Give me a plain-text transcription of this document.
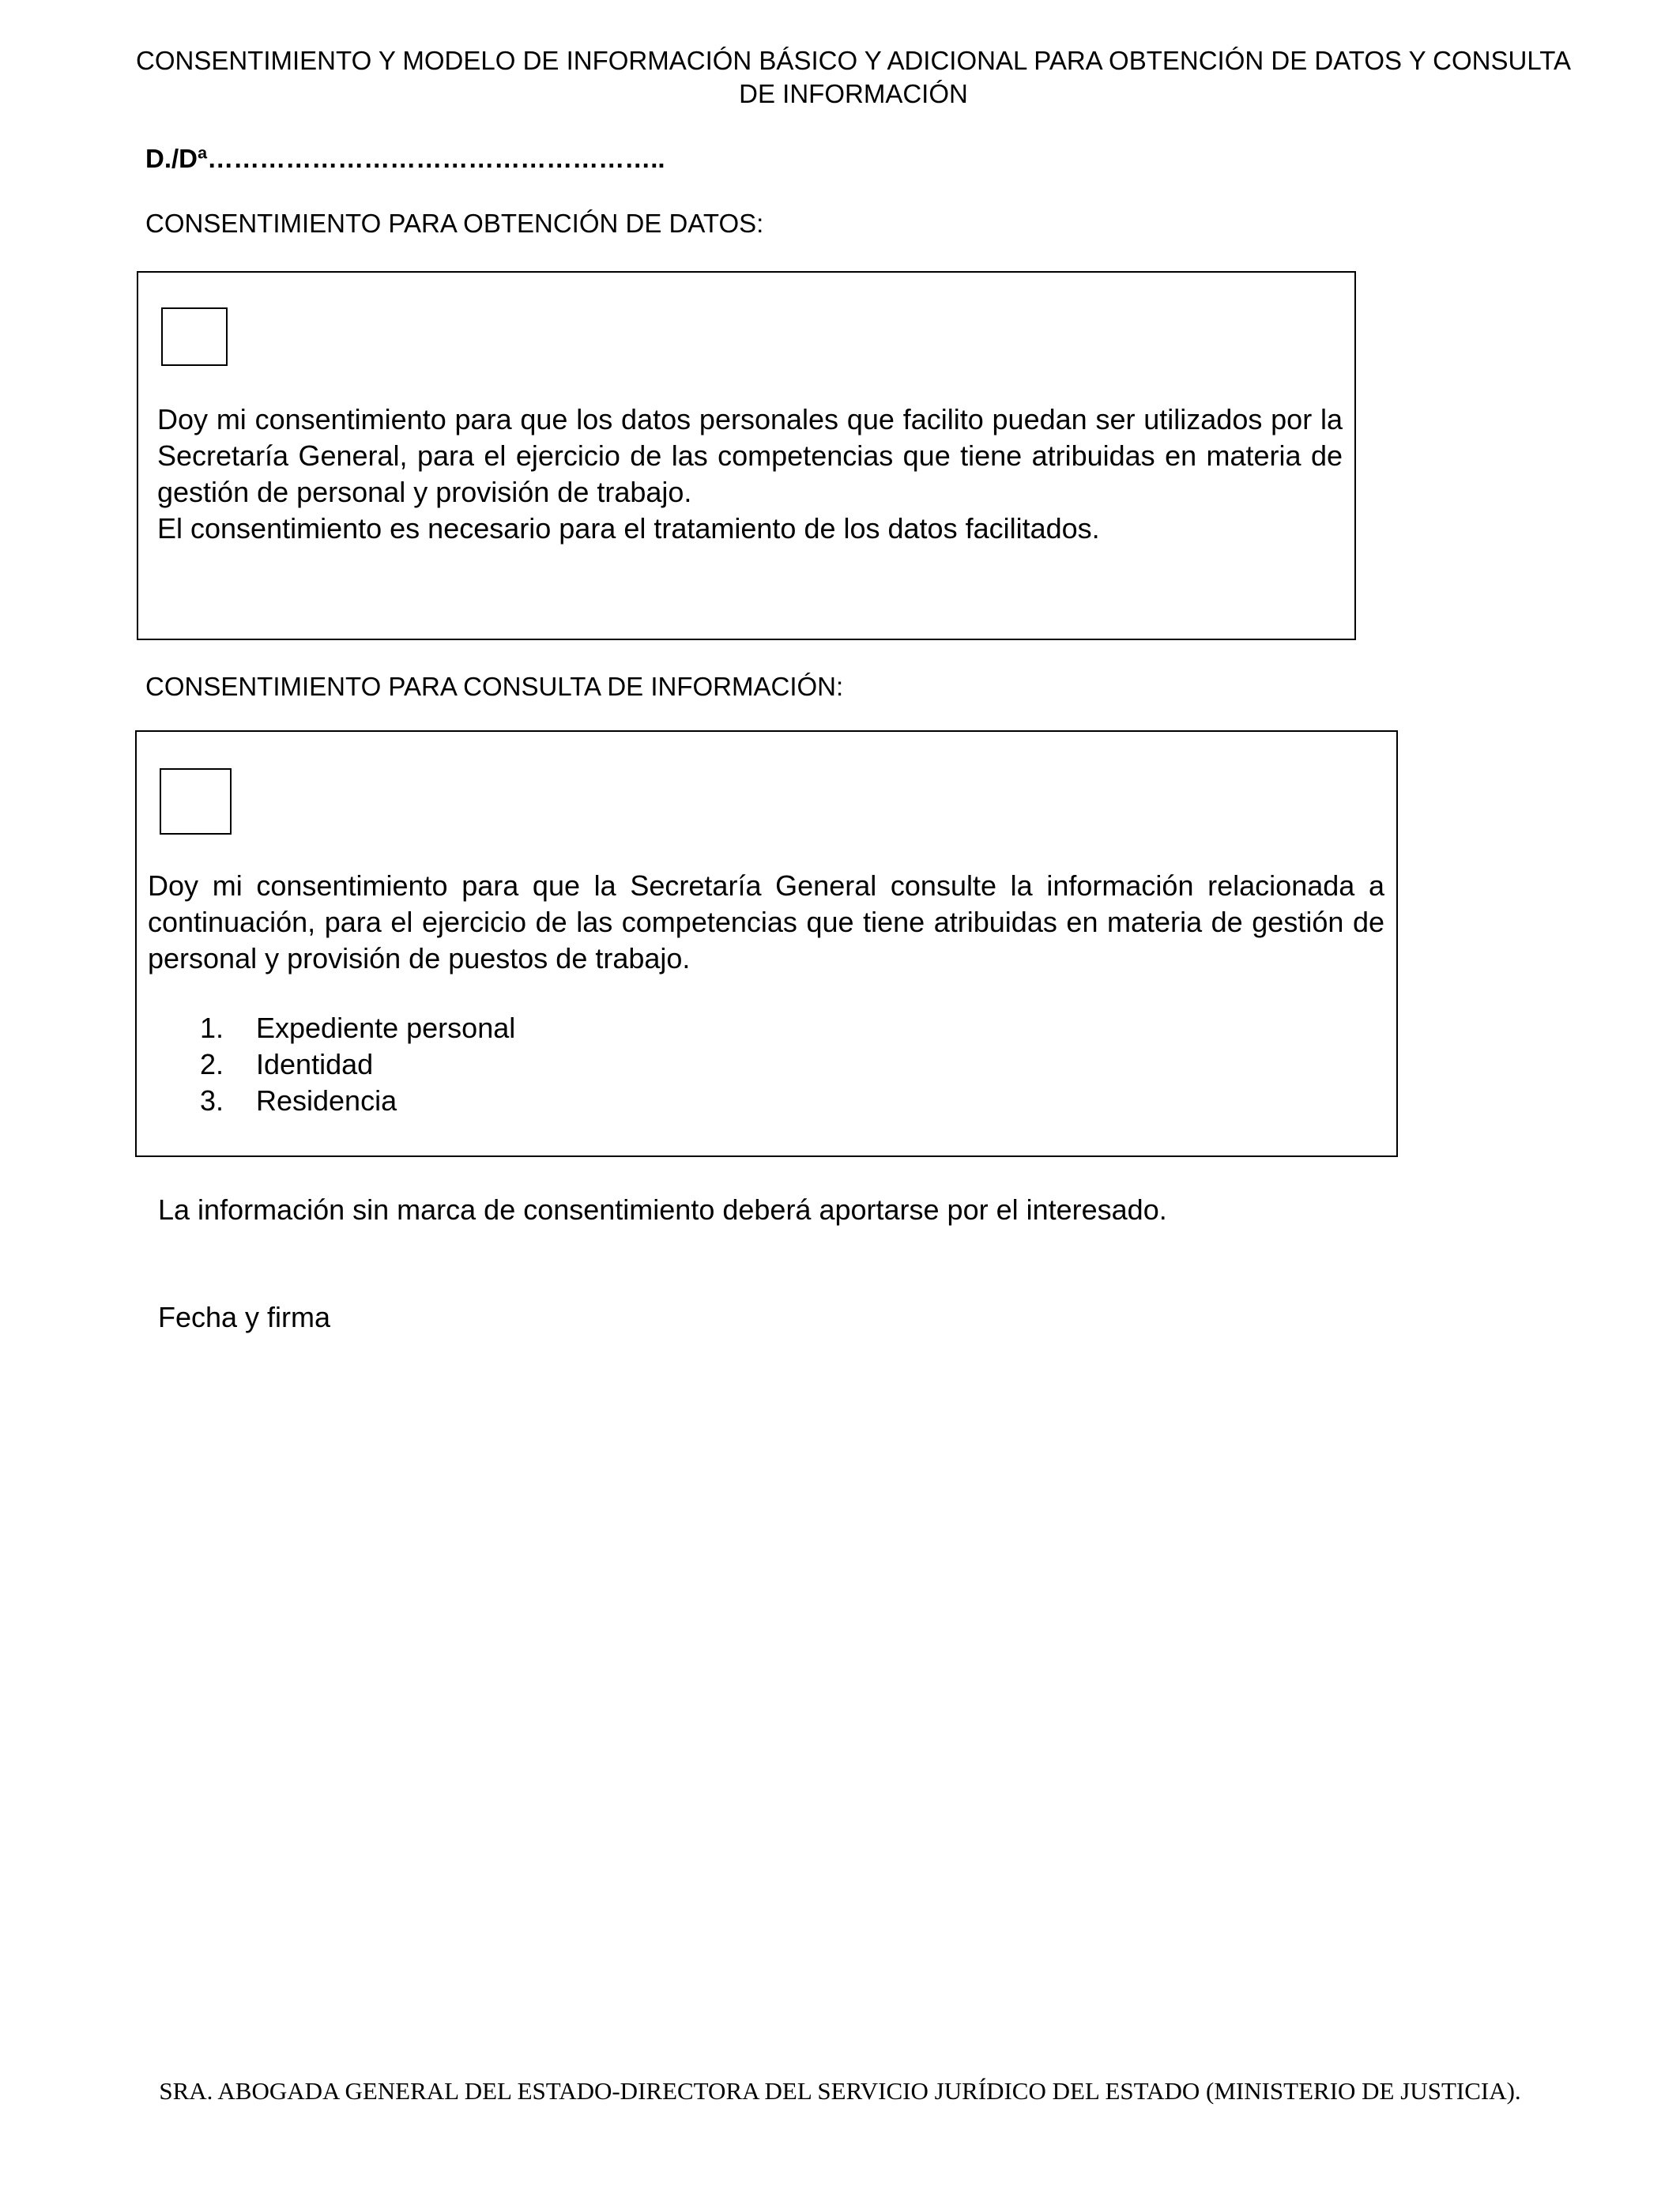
CONSENTIMIENTO Y MODELO DE INFORMACIÓN BÁSICO Y ADICIONAL PARA OBTENCIÓN DE DATOS Y CONSULTA DE INFORMACIÓN
D./Dª……………………………………………..
CONSENTIMIENTO PARA OBTENCIÓN DE DATOS:

Doy mi consentimiento para que los datos personales que facilito puedan ser utilizados por la Secretaría General, para el ejercicio de las competencias que tiene atribuidas en materia de gestión de personal y provisión de trabajo.

El consentimiento es necesario para el tratamiento de los datos facilitados.

CONSENTIMIENTO PARA CONSULTA DE INFORMACIÓN:

Doy mi consentimiento para que la Secretaría General consulte la información relacionada a continuación, para el ejercicio de las competencias que tiene atribuidas en materia de gestión de personal y provisión de puestos de trabajo.

1.	Expediente personal
2.	Identidad
3.	Residencia
La información sin marca de consentimiento deberá aportarse por el interesado.
Fecha y firma
SRA. ABOGADA GENERAL DEL ESTADO-DIRECTORA DEL SERVICIO JURÍDICO DEL ESTADO (MINISTERIO DE JUSTICIA).
